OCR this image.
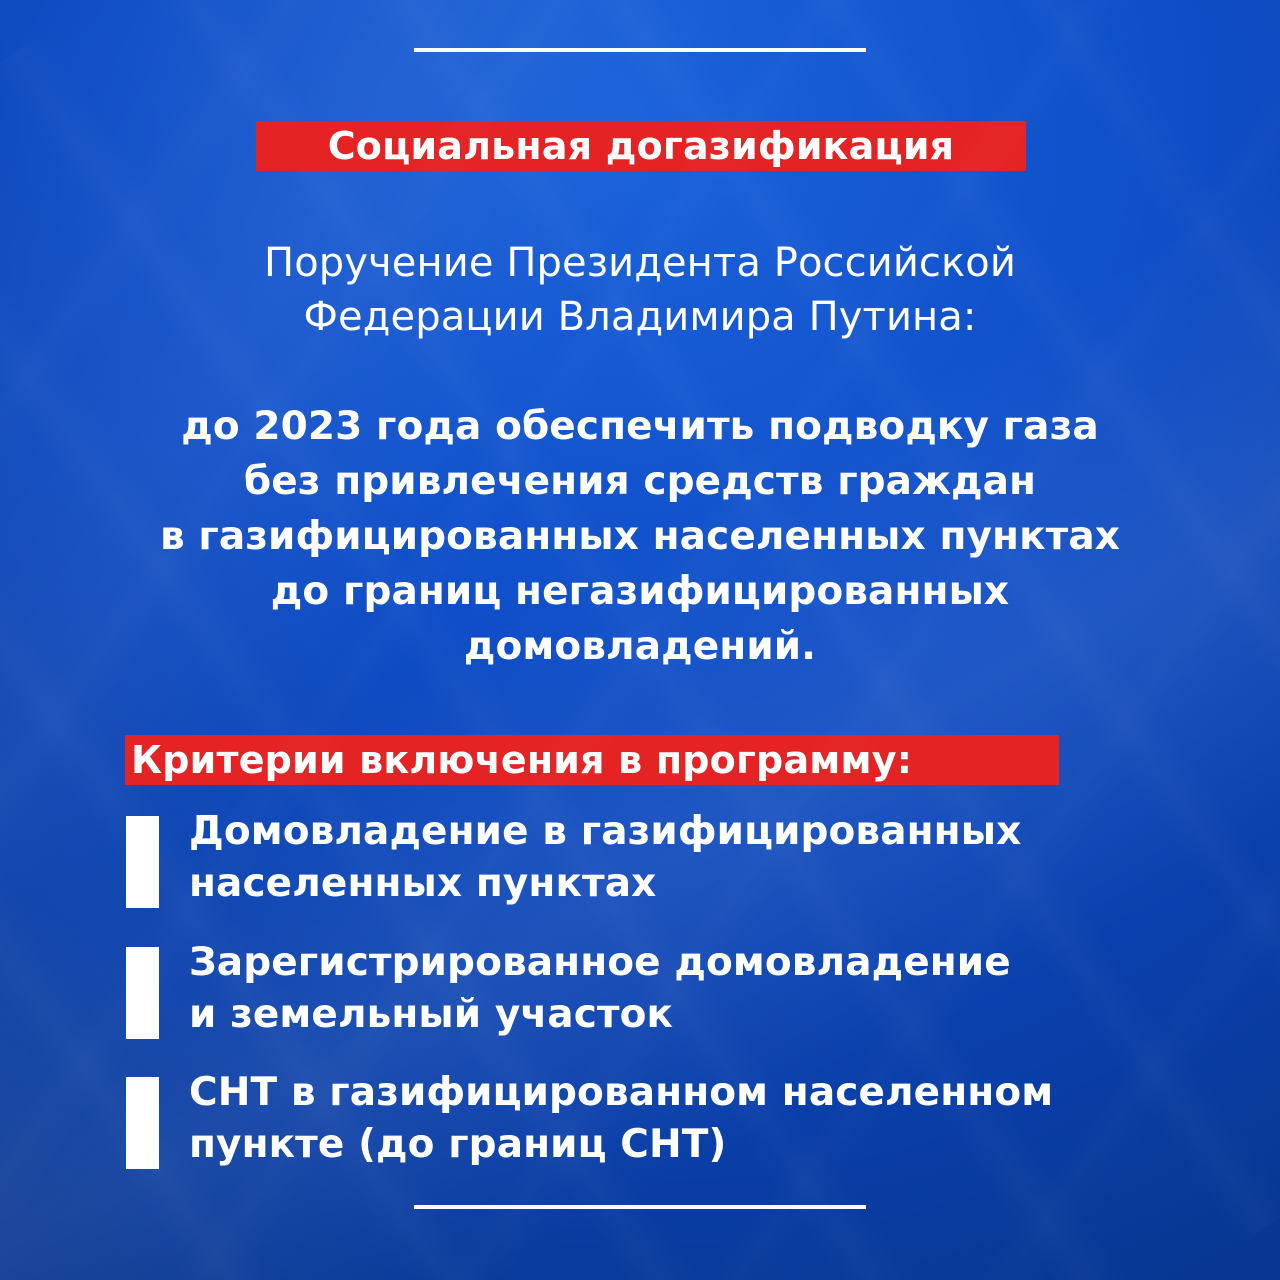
Социальная догазификация
Поручение Президента Российской
Федерации Владимира Путина:
до 2023 года обеспечить подводку газа
без привлечения средств граждан
в газифицированных населенных пунктах
до границ негазифицированных
домовладений.
Критерии включения в программу:
Домовладение в газифицированных
населенных пунктах
Зарегистрированное домовладение
и земельный участок
СНТ в газифицированном населенном
пункте (до границ СНТ)
